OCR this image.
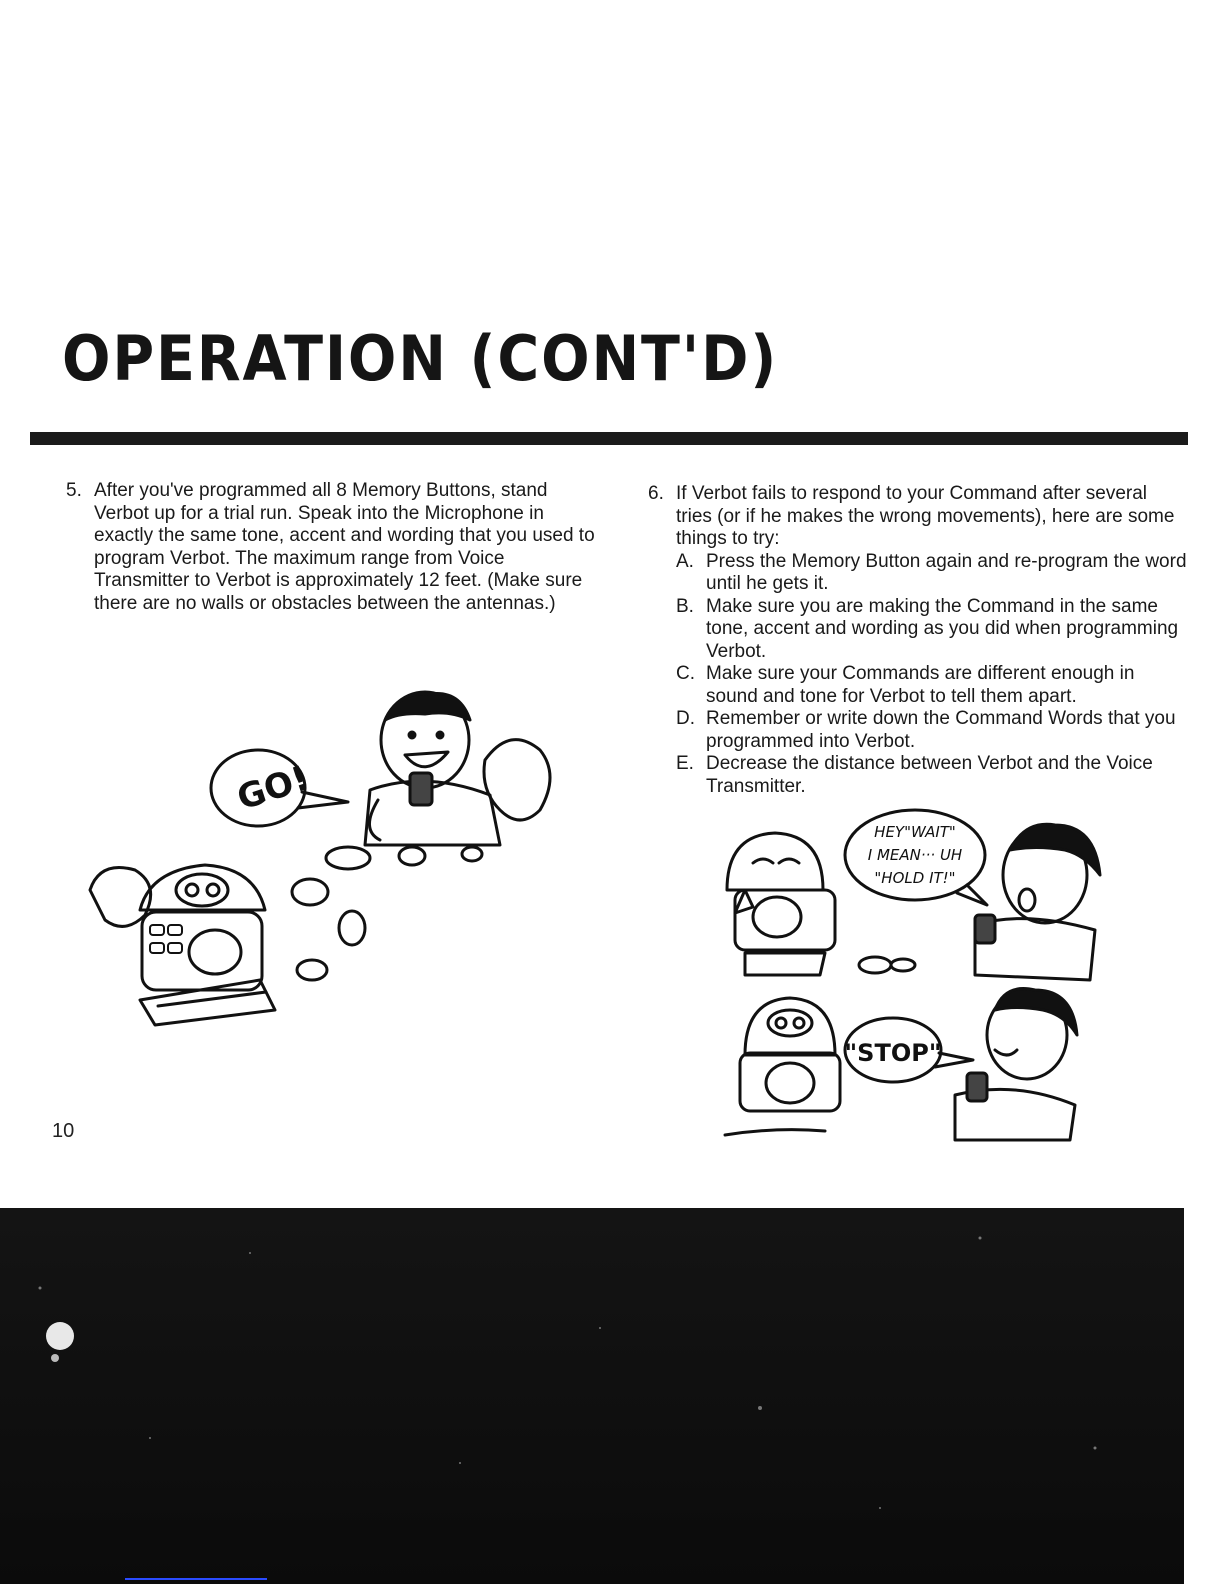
OPERATION (CONT'D)
5. After you've programmed all 8 Memory Buttons, stand Verbot up for a trial run. Speak into the Microphone in exactly the same tone, accent and wording that you used to program Verbot. The maximum range from Voice Transmitter to Verbot is approximately 12 feet. (Make sure there are no walls or obstacles between the antennas.)
6. If Verbot fails to respond to your Command after several tries (or if he makes the wrong movements), here are some things to try:
A. Press the Memory Button again and re-program the word until he gets it.
B. Make sure you are making the Command in the same tone, accent and wording as you did when programming Verbot.
C. Make sure your Commands are different enough in sound and tone for Verbot to tell them apart.
D. Remember or write down the Command Words that you programmed into Verbot.
E. Decrease the distance between Verbot and the Voice Transmitter.
GO!
HEY"WAIT"
I MEAN··· UH
"HOLD IT!"
"STOP"
10
